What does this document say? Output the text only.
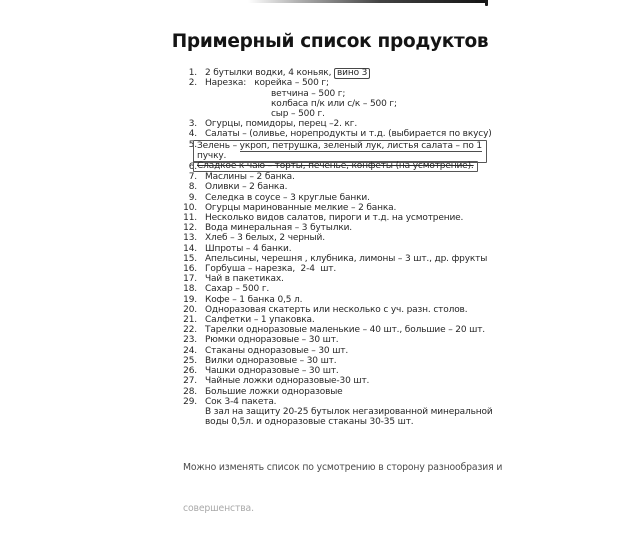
Примерный список продуктов
1. 2 бутылки водки, 4 коньяк, вино 3
2. Нарезка:   корейка – 500 г;
ветчина – 500 г;
колбаса п/к или с/к – 500 г;
сыр – 500 г.
3. Огурцы, помидоры, перец –2. кг.
4. Салаты – (оливье, норепродукты и т.д. (выбирается по вкусу)
5. Зелень – укроп, петрушка, зеленый лук, листья салата – по 1
пучку.
6. Сладкое к чаю – торты, печенье, конфеты (на усмотрение).
7. Маслины – 2 банка.
8. Оливки – 2 банка.
9. Селедка в соусе – 3 круглые банки.
10. Огурцы маринованные мелкие – 2 банка.
11. Несколько видов салатов, пироги и т.д. на усмотрение.
12. Вода минеральная – 3 бутылки.
13. Хлеб – 3 белых, 2 черный.
14. Шпроты – 4 банки.
15. Апельсины, черешня , клубника, лимоны – 3 шт., др. фрукты
16. Горбуша – нарезка,  2-4  шт.
17. Чай в пакетиках.
18. Сахар – 500 г.
19. Кофе – 1 банка 0,5 л.
20. Одноразовая скатерть или несколько с уч. разн. столов.
21. Салфетки – 1 упаковка.
22. Тарелки одноразовые маленькие – 40 шт., большие – 20 шт.
23. Рюмки одноразовые – 30 шт.
24. Стаканы одноразовые – 30 шт.
25. Вилки одноразовые – 30 шт.
26. Чашки одноразовые – 30 шт.
27. Чайные ложки одноразовые-30 шт.
28. Большие ложки одноразовые
29. Сок 3-4 пакета.
В зал на защиту 20-25 бутылок негазированной минеральной
воды 0,5л. и одноразовые стаканы 30-35 шт.

Можно изменять список по усмотрению в сторону разнообразия и

совершенства.
